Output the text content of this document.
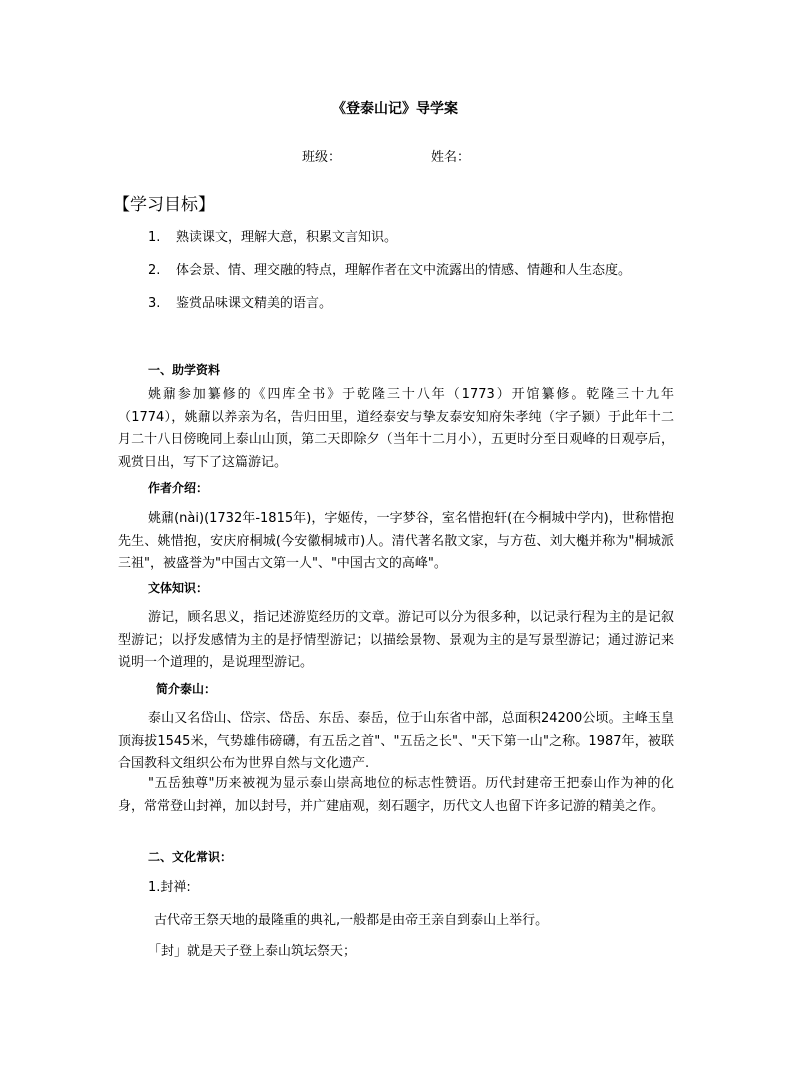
《登泰山记》导学案
班级：	姓名：
【学习目标】
1. 熟读课文，理解大意，积累文言知识。
2. 体会景、情、理交融的特点，理解作者在文中流露出的情感、情趣和人生态度。
3. 鉴赏品味课文精美的语言。
一、助学资料
姚鼐参加纂修的《四库全书》于乾隆三十八年（1773）开馆纂修。乾隆三十九年（1774），姚鼐以养亲为名，告归田里，道经泰安与挚友泰安知府朱孝纯（字子颍）于此年十二月二十八日傍晚同上泰山山顶，第二天即除夕（当年十二月小），五更时分至日观峰的日观亭后，观赏日出，写下了这篇游记。
作者介绍：
姚鼐(nài)(1732年-1815年)，字姬传，一字梦谷，室名惜抱轩(在今桐城中学内)，世称惜抱先生、姚惜抱，安庆府桐城(今安徽桐城市)人。清代著名散文家，与方苞、刘大櫆并称为"桐城派三祖"，被盛誉为"中国古文第一人"、"中国古文的高峰"。
文体知识：
游记，顾名思义，指记述游览经历的文章。游记可以分为很多种，以记录行程为主的是记叙型游记；以抒发感情为主的是抒情型游记；以描绘景物、景观为主的是写景型游记；通过游记来说明一个道理的，是说理型游记。
简介泰山：
泰山又名岱山、岱宗、岱岳、东岳、泰岳，位于山东省中部，总面积24200公顷。主峰玉皇顶海拔1545米，气势雄伟磅礴，有五岳之首"、"五岳之长"、"天下第一山"之称。1987年，被联合国教科文组织公布为世界自然与文化遗产.
"五岳独尊"历来被视为显示泰山崇高地位的标志性赞语。历代封建帝王把泰山作为神的化身，常常登山封禅，加以封号，并广建庙观，刻石题字，历代文人也留下许多记游的精美之作。
二、文化常识：
1.封禅:
古代帝王祭天地的最隆重的典礼,一般都是由帝王亲自到泰山上举行。
「封」就是天子登上泰山筑坛祭天；
